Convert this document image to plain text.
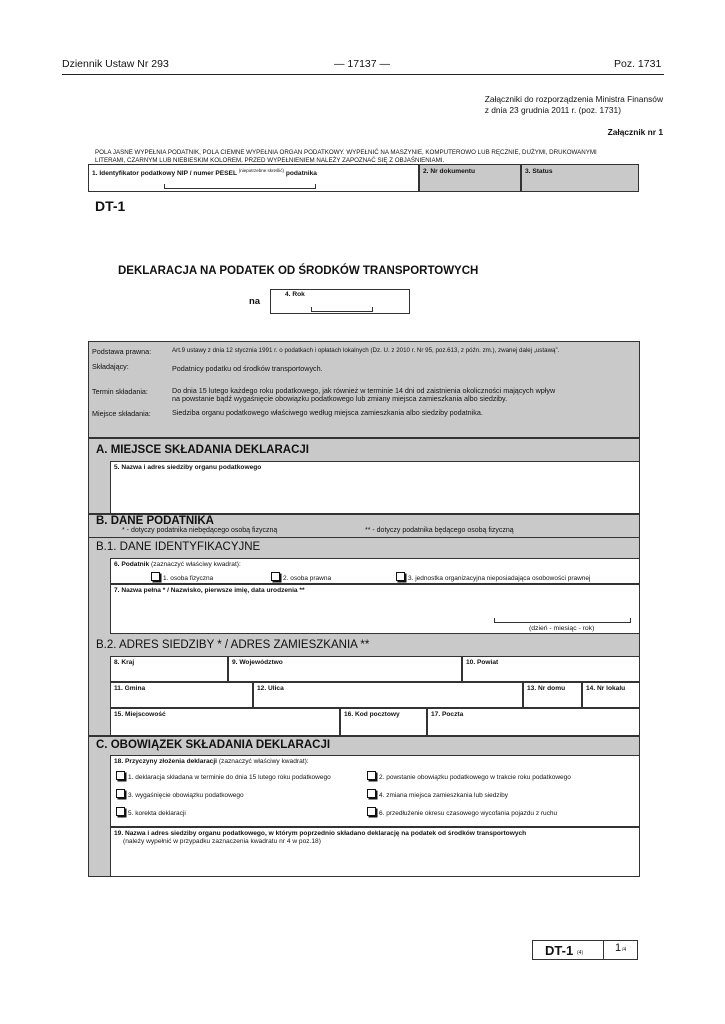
Dziennik Ustaw Nr 293	— 17137 —	Poz. 1731
Załączniki do rozporządzenia Ministra Finansów
z dnia 23 grudnia 2011 r. (poz. 1731)
Załącznik nr 1
POLA JASNE WYPEŁNIA PODATNIK, POLA CIEMNE WYPEŁNIA ORGAN PODATKOWY. WYPEŁNIĆ NA MASZYNIE, KOMPUTEROWO LUB RĘCZNIE, DUŻYMI, DRUKOWANYMI
LITERAMI, CZARNYM LUB NIEBIESKIM KOLOREM. PRZED WYPEŁNIENIEM NALEŻY ZAPOZNAĆ SIĘ Z OBJAŚNIENIAMI.
1. Identyfikator podatkowy NIP / numer PESEL $^{(niepotrzebne skreślić)}$ podatnika	2. Nr dokumentu	3. Status
DT-1
DEKLARACJA NA PODATEK OD ŚRODKÓW TRANSPORTOWYCH
na
4. Rok
Podstawa prawna:	Art.9 ustawy z dnia 12 stycznia 1991 r. o podatkach i opłatach lokalnych (Dz. U. z 2010 r. Nr 95, poz.613, z późn. zm.), zwanej dalej „ustawą”.
Składający:	Podatnicy podatku od środków transportowych.
Termin składania:	Do dnia 15 lutego każdego roku podatkowego, jak również w terminie 14 dni od zaistnienia okoliczności mających wpływ
na powstanie bądź wygaśnięcie obowiązku podatkowego lub zmiany miejsca zamieszkania albo siedziby.
Miejsce składania:	Siedziba organu podatkowego właściwego według miejsca zamieszkania albo siedziby podatnika.
A. MIEJSCE SKŁADANIA DEKLARACJI
5. Nazwa i adres siedziby organu podatkowego
B. DANE PODATNIKA
* - dotyczy podatnika niebędącego osobą fizyczną	** - dotyczy podatnika będącego osobą fizyczną
B.1. DANE IDENTYFIKACYJNE
6. Podatnik (zaznaczyć właściwy kwadrat):
1. osoba fizyczna	2. osoba prawna	3. jednostka organizacyjna nieposiadająca osobowości prawnej
7. Nazwa pełna * / Nazwisko, pierwsze imię, data urodzenia **
(dzień - miesiąc - rok)
B.2. ADRES SIEDZIBY * / ADRES ZAMIESZKANIA **
8. Kraj	9. Województwo	10. Powiat
11. Gmina	12. Ulica	13. Nr domu	14. Nr lokalu
15. Miejscowość	16. Kod pocztowy	17. Poczta
C. OBOWIĄZEK SKŁADANIA DEKLARACJI
18. Przyczyny złożenia deklaracji (zaznaczyć właściwy kwadrat):
1. deklaracja składana w terminie do dnia 15 lutego roku podatkowego	2. powstanie obowiązku podatkowego w trakcie roku podatkowego
3. wygaśnięcie obowiązku podatkowego	4. zmiana miejsca zamieszkania lub siedziby
5. korekta deklaracji	6. przedłużenie okresu czasowego wycofania pojazdu z ruchu
19. Nazwa i adres siedziby organu podatkowego, w którym poprzednio składano deklarację na podatek od środków transportowych
(należy wypełnić w przypadku zaznaczenia kwadratu nr 4 w poz.18)
DT-1 (4)	1 /4
